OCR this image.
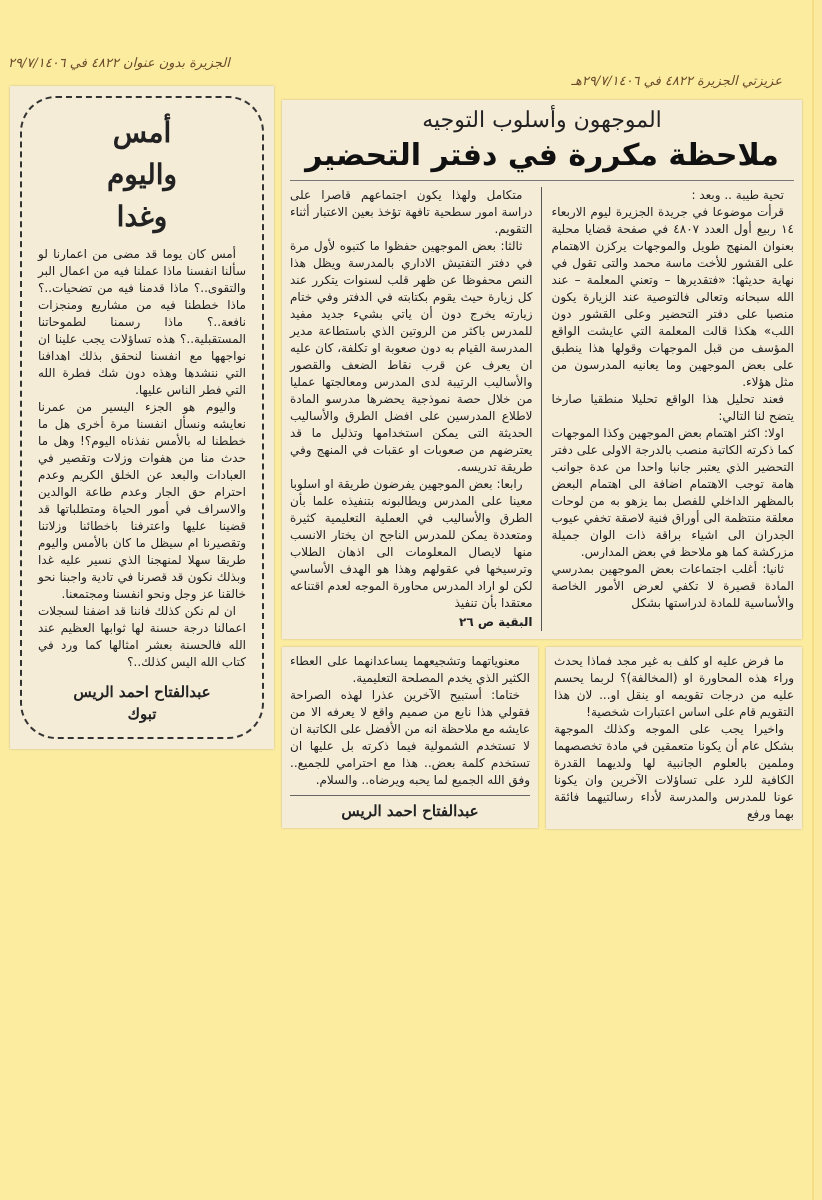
عزيزتي الجزيرة ٤٨٢٢ في ٢٩/٧/١٤٠٦هـ
الجزيرة بدون عنوان ٤٨٢٢ في ٢٩/٧/١٤٠٦
الموجهون وأسلوب التوجيه
ملاحظة مكررة في دفتر التحضير

تحية طيبة .. وبعد :

قرأت موضوعا في جريدة الجزيرة ليوم الاربعاء ١٤ ربيع أول العدد ٤٨٠٧ في صفحة قضايا محلية بعنوان المنهج طويل والموجهات يركزن الاهتمام على القشور للأخت ماسة محمد والتى تقول في نهاية حديثها: «فتقديرها – وتعني المعلمة – عند الله سبحانه وتعالى فالتوصية عند الزيارة يكون منصبا على دفتر التحضير وعلى القشور دون اللب» هكذا قالت المعلمة التي عايشت الواقع المؤسف من قبل الموجهات وقولها هذا ينطبق على بعض الموجهين وما يعانيه المدرسون من مثل هؤلاء.

فعند تحليل هذا الواقع تحليلا منطقيا صارخا يتضح لنا التالي:

اولا: اكثر اهتمام بعض الموجهين وكذا الموجهات كما ذكرته الكاتبة منصب بالدرجة الاولى على دفتر التحضير الذي يعتبر جانبا واحدا من عدة جوانب هامة توجب الاهتمام اضافة الى اهتمام البعض بالمظهر الداخلي للفصل بما يزهو به من لوحات معلقة منتظمة الى أوراق فنية لاصقة تخفي عيوب الجدران الى اشياء براقة ذات الوان جميلة مزركشة كما هو ملاحظ في بعض المدارس.

ثانيا: أغلب اجتماعات بعض الموجهين بمدرسي المادة قصيرة لا تكفي لعرض الأمور الخاصة والأساسية للمادة لدراستها بشكل

متكامل ولهذا يكون اجتماعهم قاصرا على دراسة امور سطحية تافهة تؤخذ بعين الاعتبار أثناء التقويم.

ثالثا: بعض الموجهين حفظوا ما كتبوه لأول مرة في دفتر التفتيش الاداري بالمدرسة ويظل هذا النص محفوظا عن ظهر قلب لسنوات يتكرر عند كل زيارة حيث يقوم بكتابته في الدفتر وفي ختام زيارته يخرج دون أن ياتي بشيء جديد مفيد للمدرس باكثر من الروتين الذي باستطاعة مدير المدرسة القيام به دون صعوبة او تكلفة، كان عليه ان يعرف عن قرب نقاط الضعف والقصور والأساليب الرتيبة لدى المدرس ومعالجتها عمليا من خلال حصة نموذجية يحضرها مدرسو المادة لاطلاع المدرسين على افضل الطرق والأساليب الحديثة التى يمكن استخدامها وتذليل ما قد يعترضهم من صعوبات او عقبات في المنهج وفي طريقة تدريسه.

رابعا: بعض الموجهين يفرضون طريقة او اسلوبا معينا على المدرس ويطالبونه بتنفيذه علما بأن الطرق والأساليب في العملية التعليمية كثيرة ومتعددة يمكن للمدرس الناجح ان يختار الانسب منها لايصال المعلومات الى اذهان الطلاب وترسيخها في عقولهم وهذا هو الهدف الأساسي لكن لو اراد المدرس محاورة الموجه لعدم اقتناعه معتقدا بأن تنفيذ

البقية ص ٢٦

ما فرض عليه او كلف به غير مجد فماذا يحدث وراء هذه المحاورة او (المخالفة)؟ لربما يحسم عليه من درجات تقويمه او ينقل او... لان هذا التقويم قام على اساس اعتبارات شخصية!

واخيرا يجب على الموجه وكذلك الموجهة بشكل عام أن يكونا متعمقين في مادة تخصصهما وملمين بالعلوم الجانبية لها ولديهما القدرة الكافية للرد على تساؤلات الآخرين وان يكونا عونا للمدرس والمدرسة لأداء رسالتيهما فائقة بهما ورفع

معنوياتهما وتشجيعهما يساعدانهما على العطاء الكثير الذي يخدم المصلحة التعليمية.

ختاما: أستبيح الآخرين عذرا لهذه الصراحة فقولي هذا نابع من صميم واقع لا يعرفه الا من عايشه مع ملاحظة انه من الأفضل على الكاتبة ان لا تستخدم الشمولية فيما ذكرته بل عليها ان تستخدم كلمة بعض.. هذا مع احترامي للجميع.. وفق الله الجميع لما يحبه ويرضاه.. والسلام.

عبدالفتاح احمد الريس
أمس
واليوم
وغدا

أمس كان يوما قد مضى من اعمارنا لو سألنا انفسنا ماذا عملنا فيه من اعمال البر والتقوى..؟ ماذا قدمنا فيه من تضحيات..؟ ماذا خططنا فيه من مشاريع ومنجزات نافعة..؟ ماذا رسمنا لطموحاتنا المستقبلية..؟ هذه تساؤلات يجب علينا ان نواجهها مع انفسنا لنحقق بذلك اهدافنا التي ننشدها وهذه دون شك فطرة الله التي فطر الناس عليها.

واليوم هو الجزء اليسير من عمرنا نعايشه ونسأل انفسنا مرة أخرى هل ما خططنا له بالأمس نفذناه اليوم؟! وهل ما حدث منا من هفوات وزلات وتقصير في العبادات والبعد عن الخلق الكريم وعدم احترام حق الجار وعدم طاعة الوالدين والاسراف في أمور الحياة ومتطلباتها قد قضينا عليها واعترفنا باخطائنا وزلاتنا وتقصيرنا ام سيظل ما كان بالأمس واليوم طريقا سهلا لمنهجنا الذي نسير عليه غدا وبذلك نكون قد قصرنا في تادية واجبنا نحو خالقنا عز وجل ونحو انفسنا ومجتمعنا.

ان لم نكن كذلك فاننا قد اضفنا لسجلات اعمالنا درجة حسنة لها ثوابها العظيم عند الله فالحسنة بعشر امثالها كما ورد في كتاب الله اليس كذلك..؟

عبدالفتاح احمد الريس
تبوك
